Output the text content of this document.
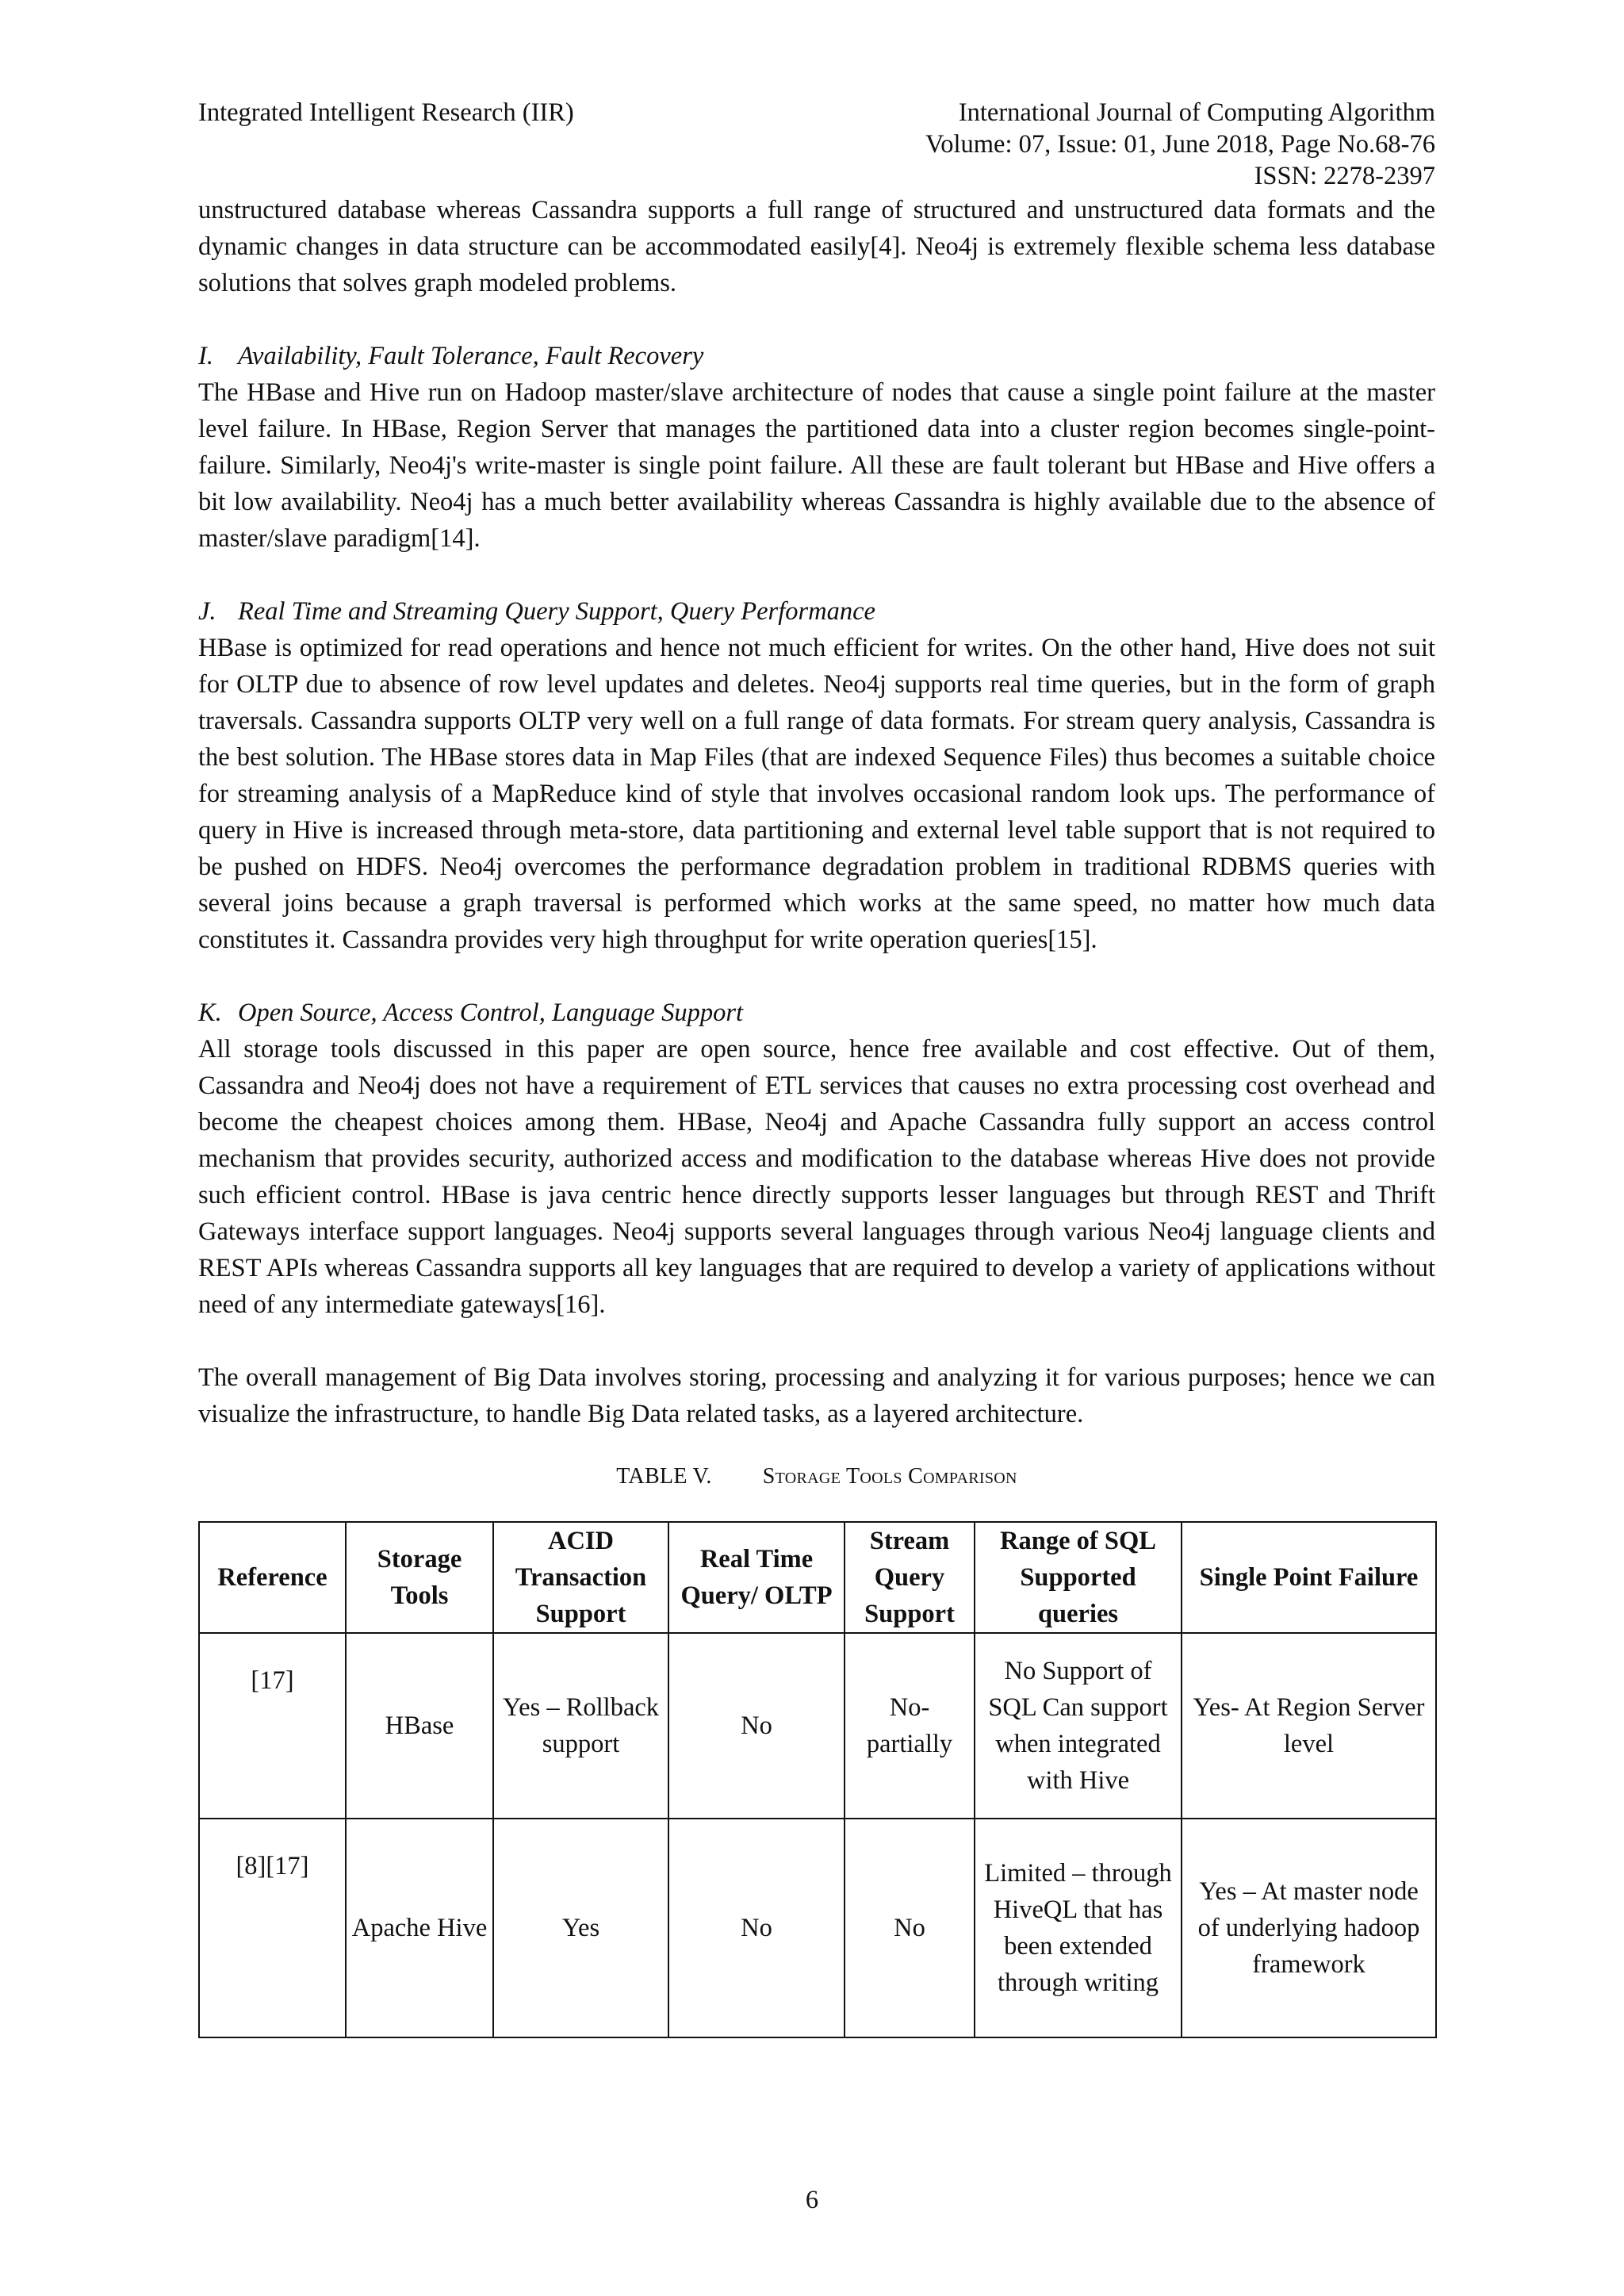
Integrated Intelligent Research (IIR)	International Journal of Computing Algorithm
Volume: 07, Issue: 01, June 2018, Page No.68-76
ISSN: 2278-2397

unstructured database whereas Cassandra supports a full range of structured and unstructured data formats and the dynamic changes in data structure can be accommodated easily[4]. Neo4j is extremely flexible schema less database solutions that solves graph modeled problems.

I. Availability, Fault Tolerance, Fault Recovery

The HBase and Hive run on Hadoop master/slave architecture of nodes that cause a single point failure at the master level failure. In HBase, Region Server that manages the partitioned data into a cluster region becomes single-point-failure. Similarly, Neo4j's write-master is single point failure. All these are fault tolerant but HBase and Hive offers a bit low availability. Neo4j has a much better availability whereas Cassandra is highly available due to the absence of master/slave paradigm[14].

J. Real Time and Streaming Query Support, Query Performance

HBase is optimized for read operations and hence not much efficient for writes. On the other hand, Hive does not suit for OLTP due to absence of row level updates and deletes. Neo4j supports real time queries, but in the form of graph traversals. Cassandra supports OLTP very well on a full range of data formats. For stream query analysis, Cassandra is the best solution. The HBase stores data in Map Files (that are indexed Sequence Files) thus becomes a suitable choice for streaming analysis of a MapReduce kind of style that involves occasional random look ups. The performance of query in Hive is increased through meta-store, data partitioning and external level table support that is not required to be pushed on HDFS. Neo4j overcomes the performance degradation problem in traditional RDBMS queries with several joins because a graph traversal is performed which works at the same speed, no matter how much data constitutes it. Cassandra provides very high throughput for write operation queries[15].

K. Open Source, Access Control, Language Support

All storage tools discussed in this paper are open source, hence free available and cost effective. Out of them, Cassandra and Neo4j does not have a requirement of ETL services that causes no extra processing cost overhead and become the cheapest choices among them. HBase, Neo4j and Apache Cassandra fully support an access control mechanism that provides security, authorized access and modification to the database whereas Hive does not provide such efficient control. HBase is java centric hence directly supports lesser languages but through REST and Thrift Gateways interface support languages. Neo4j supports several languages through various Neo4j language clients and REST APIs whereas Cassandra supports all key languages that are required to develop a variety of applications without need of any intermediate gateways[16].

The overall management of Big Data involves storing, processing and analyzing it for various purposes; hence we can visualize the infrastructure, to handle Big Data related tasks, as a layered architecture.

TABLE V. Storage Tools Comparison
Reference	Storage Tools	ACID Transaction Support	Real Time Query/ OLTP	Stream Query Support	Range of SQL Supported queries	Single Point Failure
[17]	HBase	Yes – Rollback support	No	No- partially	No Support of SQL Can support when integrated with Hive	Yes- At Region Server level
[8][17]	Apache Hive	Yes	No	No	Limited – through HiveQL that has been extended through writing	Yes – At master node of underlying hadoop framework
6
